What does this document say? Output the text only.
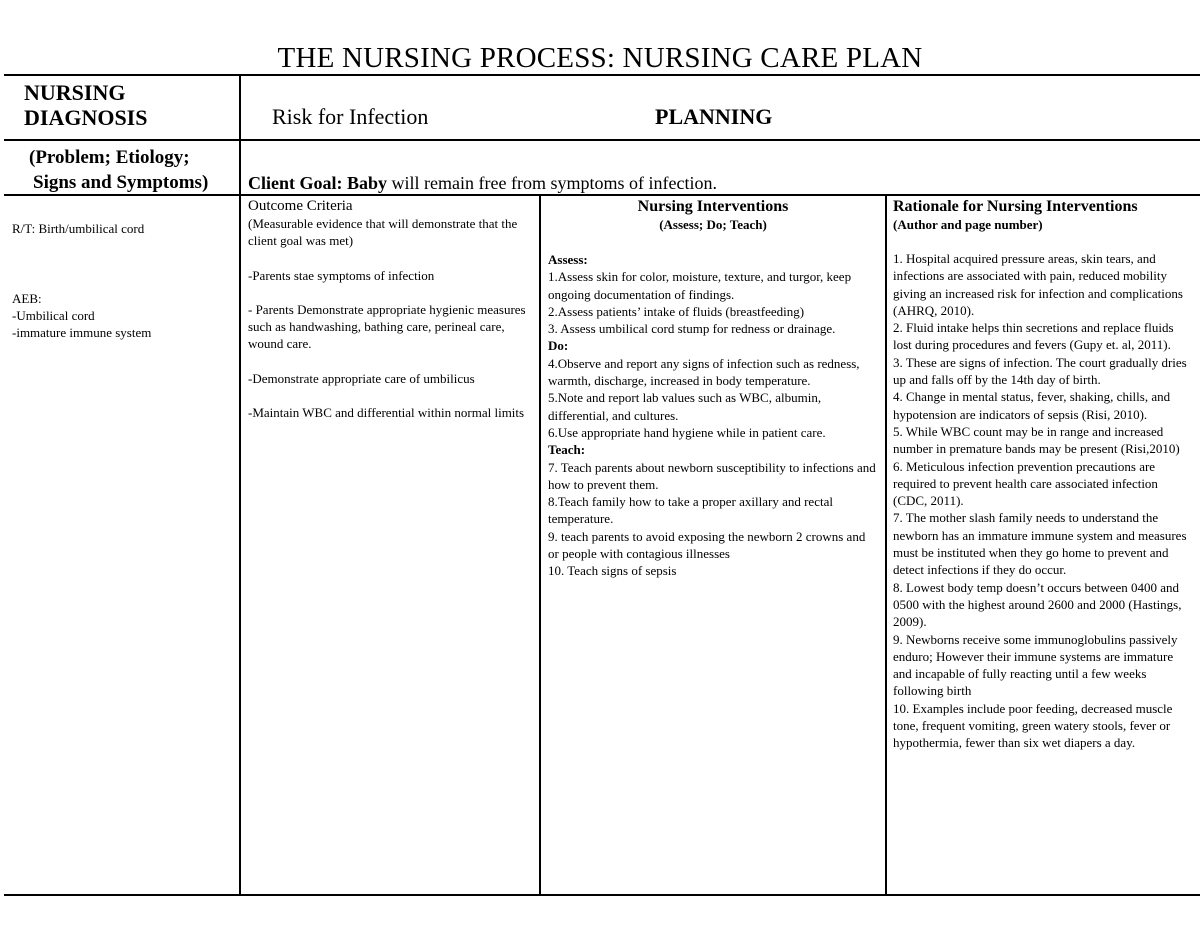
THE NURSING PROCESS: NURSING CARE PLAN
NURSING DIAGNOSIS	Risk for Infection	PLANNING
(Problem; Etiology;
Signs and Symptoms) Client Goal: Baby will remain free from symptoms of infection.
R/T: Birth/umbilical cord
AEB:
-Umbilical cord
-immature immune system
Outcome Criteria
(Measurable evidence that will demonstrate that the client goal was met)
-Parents stae symptoms of infection
- Parents Demonstrate appropriate hygienic measures such as handwashing, bathing care, perineal care, wound care.
-Demonstrate appropriate care of umbilicus
-Maintain WBC and differential within normal limits
Nursing Interventions
(Assess; Do; Teach)
Assess:
1.Assess skin for color, moisture, texture, and turgor, keep ongoing documentation of findings.
2.Assess patients’ intake of fluids (breastfeeding)
3. Assess umbilical cord stump for redness or drainage.
Do:
4.Observe and report any signs of infection such as redness, warmth, discharge, increased in body temperature.
5.Note and report lab values such as WBC, albumin, differential, and cultures.
6.Use appropriate hand hygiene while in patient care.
Teach:
7. Teach parents about newborn susceptibility to infections and how to prevent them.
8.Teach family how to take a proper axillary and rectal temperature.
9. teach parents to avoid exposing the newborn 2 crowns and or people with contagious illnesses
10. Teach signs of sepsis
Rationale for Nursing Interventions
(Author and page number)
1. Hospital acquired pressure areas, skin tears, and infections are associated with pain, reduced mobility giving an increased risk for infection and complications (AHRQ, 2010).
2. Fluid intake helps thin secretions and replace fluids lost during procedures and fevers (Gupy et. al, 2011).
3. These are signs of infection. The court gradually dries up and falls off by the 14th day of birth.
4. Change in mental status, fever, shaking, chills, and hypotension are indicators of sepsis (Risi, 2010).
5. While WBC count may be in range and increased number in premature bands may be present (Risi,2010)
6. Meticulous infection prevention precautions are required to prevent health care associated infection (CDC, 2011).
7. The mother slash family needs to understand the newborn has an immature immune system and measures must be instituted when they go home to prevent and detect infections if they do occur.
8. Lowest body temp doesn’t occurs between 0400 and 0500 with the highest around 2600 and 2000 (Hastings, 2009).
9. Newborns receive some immunoglobulins passively enduro; However their immune systems are immature and incapable of fully reacting until a few weeks following birth
10. Examples include poor feeding, decreased muscle tone, frequent vomiting, green watery stools, fever or hypothermia, fewer than six wet diapers a day.
